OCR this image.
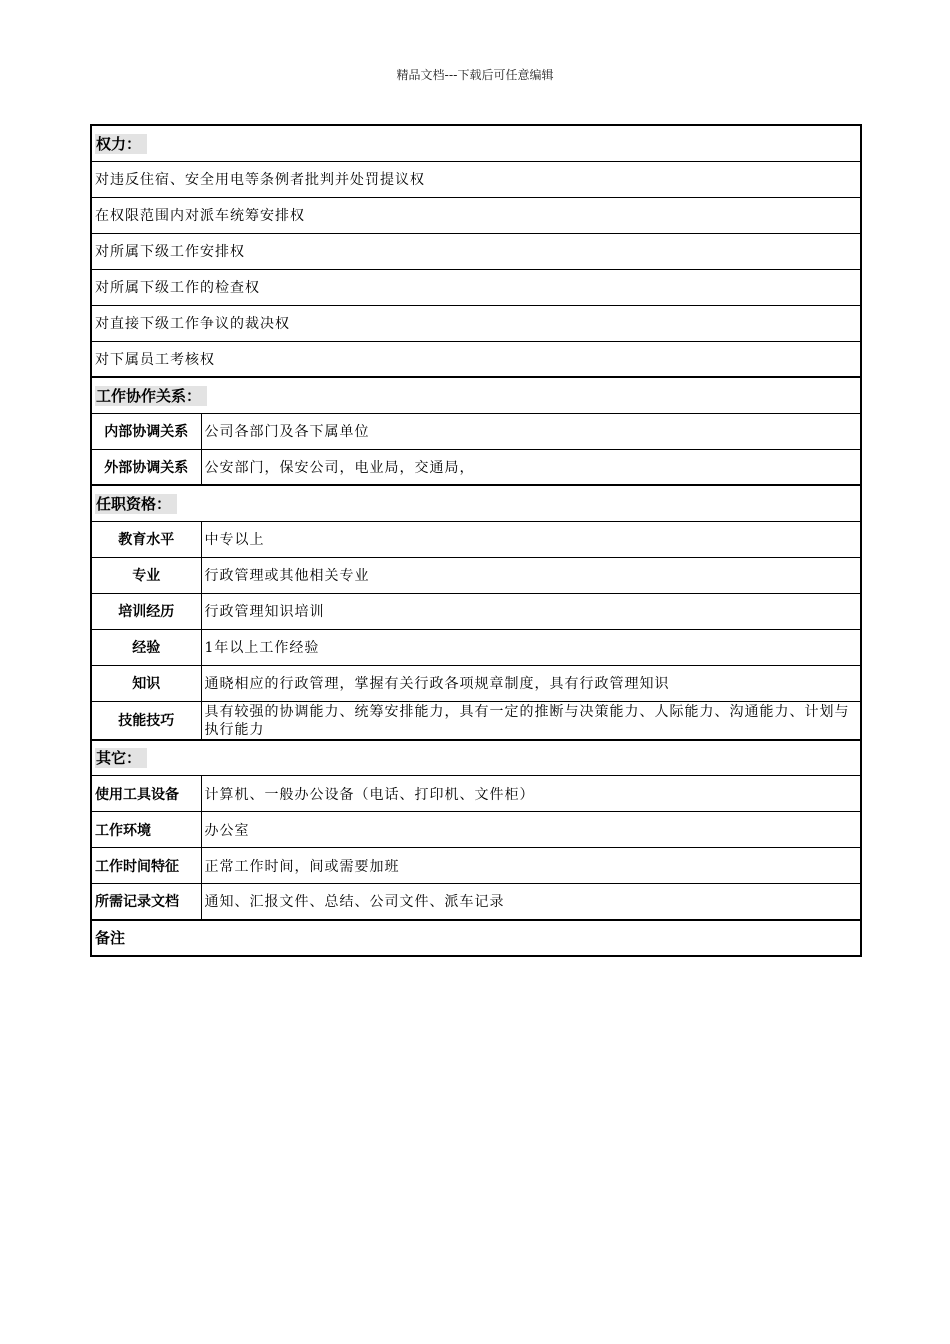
精品文档---下载后可任意编辑
权力：	
对违反住宿、安全用电等条例者批判并处罚提议权	
在权限范围内对派车统筹安排权	
对所属下级工作安排权	
对所属下级工作的检查权	
对直接下级工作争议的裁决权	
对下属员工考核权	
工作协作关系：	
内部协调关系	公司各部门及各下属单位
外部协调关系	公安部门，保安公司，电业局，交通局，
任职资格：	
教育水平	中专以上
专业	行政管理或其他相关专业
培训经历	行政管理知识培训
经验	1年以上工作经验
知识	通晓相应的行政管理，掌握有关行政各项规章制度，具有行政管理知识
技能技巧	具有较强的协调能力、统筹安排能力，具有一定的推断与决策能力、人际能力、沟通能力、计划与执行能力
其它：	
使用工具设备	计算机、一般办公设备（电话、打印机、文件柜）
工作环境	办公室
工作时间特征	正常工作时间，间或需要加班
所需记录文档	通知、汇报文件、总结、公司文件、派车记录
备注	
